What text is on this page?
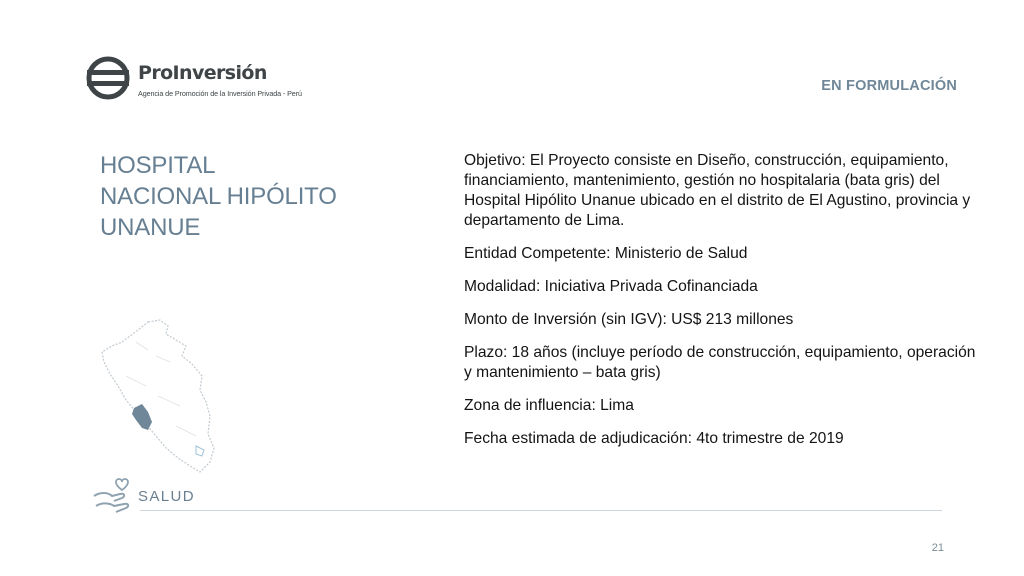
ProInversión
Agencia de Promoción de la Inversión Privada - Perú	EN FORMULACIÓN
HOSPITAL
NACIONAL HIPÓLITO
UNANUE

Objetivo: El Proyecto consiste en Diseño, construcción, equipamiento, financiamiento, mantenimiento, gestión no hospitalaria (bata gris) del Hospital Hipólito Unanue ubicado en el distrito de El Agustino, provincia y departamento de Lima.

Entidad Competente: Ministerio de Salud

Modalidad: Iniciativa Privada Cofinanciada

Monto de Inversión (sin IGV): US$ 213 millones

Plazo: 18 años (incluye período de construcción, equipamiento, operación y mantenimiento – bata gris)

Zona de influencia: Lima

Fecha estimada de adjudicación: 4to trimestre de 2019

SALUD
21
